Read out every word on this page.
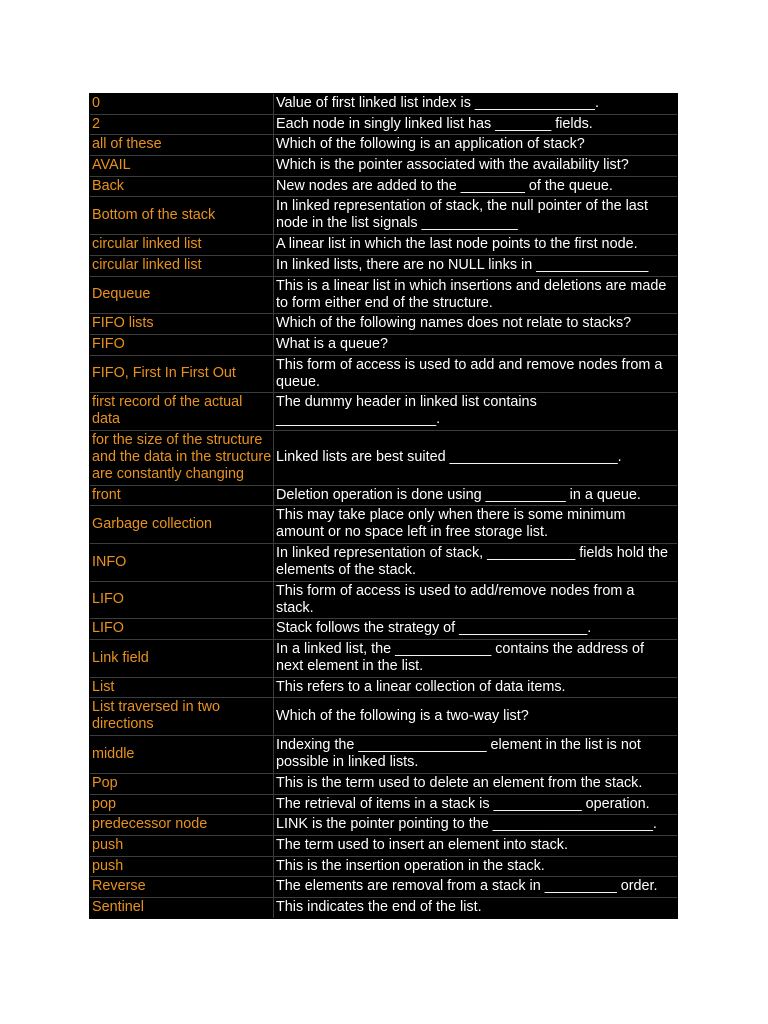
0	Value of first linked list index is _______________.
2	Each node in singly linked list has _______ fields.
all of these	Which of the following is an application of stack?
AVAIL	Which is the pointer associated with the availability list?
Back	New nodes are added to the ________ of the queue.
Bottom of the stack	In linked representation of stack, the null pointer of the last node in the list signals ____________
circular linked list	A linear list in which the last node points to the first node.
circular linked list	In linked lists, there are no NULL links in ______________
Dequeue	This is a linear list in which insertions and deletions are made to form either end of the structure.
FIFO lists	Which of the following names does not relate to stacks?
FIFO	What is a queue?
FIFO, First In First Out	This form of access is used to add and remove nodes from a queue.
first record of the actual data	The dummy header in linked list contains ____________________.
for the size of the structure and the data in the structure are constantly changing	Linked lists are best suited _____________________.
front	Deletion operation is done using __________ in a queue.
Garbage collection	This may take place only when there is some minimum amount or no space left in free storage list.
INFO	In linked representation of stack, ___________ fields hold the elements of the stack.
LIFO	This form of access is used to add/remove nodes from a stack.
LIFO	Stack follows the strategy of ________________.
Link field	In a linked list, the ____________ contains the address of next element in the list.
List	This refers to a linear collection of data items.
List traversed in two directions	Which of the following is a two-way list?
middle	Indexing the ________________ element in the list is not possible in linked lists.
Pop	This is the term used to delete an element from the stack.
pop	The retrieval of items in a stack is ___________ operation.
predecessor node	LINK is the pointer pointing to the ____________________.
push	The term used to insert an element into stack.
push	This is the insertion operation in the stack.
Reverse	The elements are removal from a stack in _________ order.
Sentinel	This indicates the end of the list.
